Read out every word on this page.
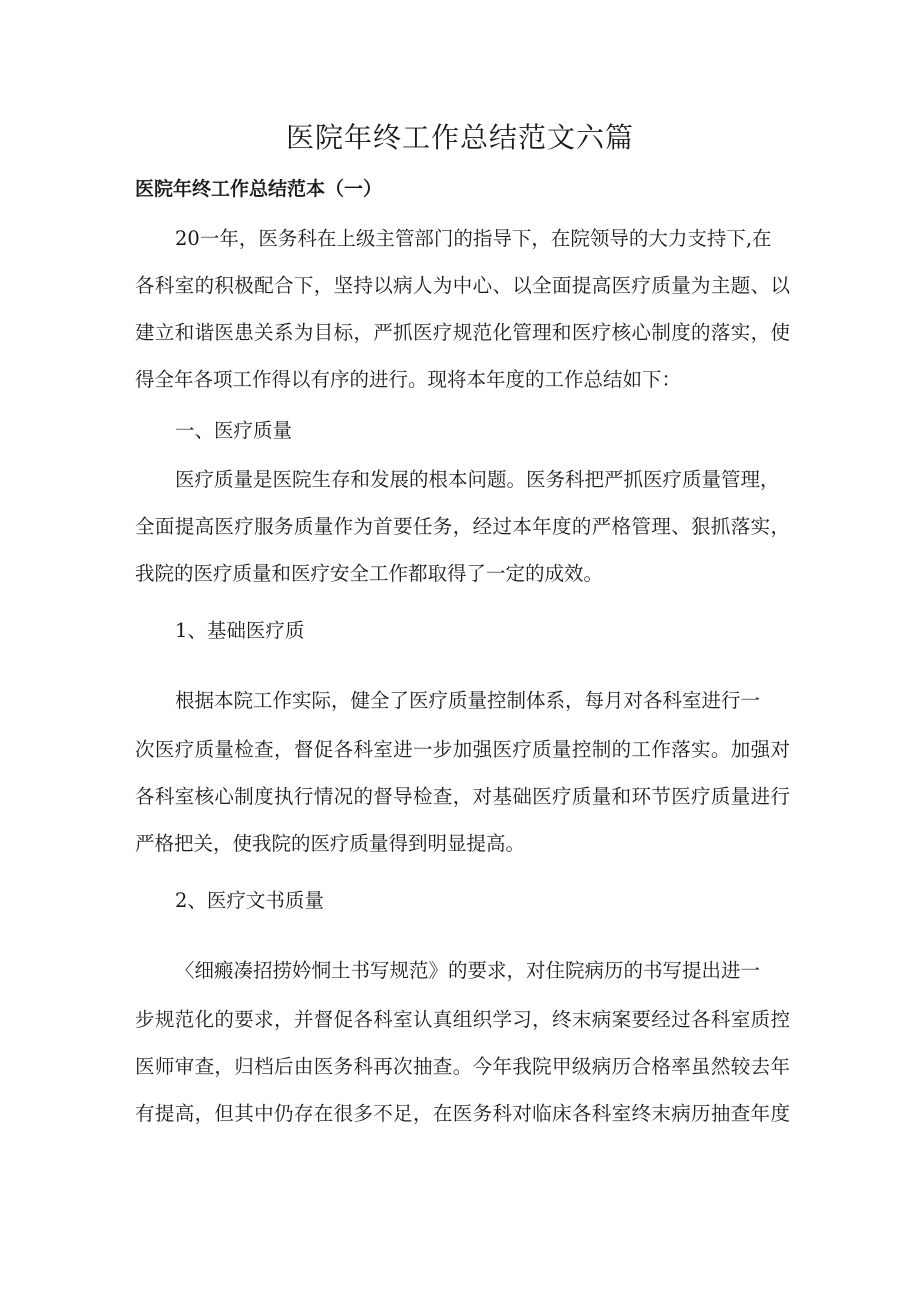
医院年终工作总结范文六篇
医院年终工作总结范本（一）
20一年，医务科在上级主管部门的指导下，在院领导的大力支持下,在
各科室的积极配合下，坚持以病人为中心、以全面提高医疗质量为主题、以
建立和谐医患关系为目标，严抓医疗规范化管理和医疗核心制度的落实，使
得全年各项工作得以有序的进行。现将本年度的工作总结如下：
一、医疗质量
医疗质量是医院生存和发展的根本问题。医务科把严抓医疗质量管理，
全面提高医疗服务质量作为首要任务，经过本年度的严格管理、狠抓落实，
我院的医疗质量和医疗安全工作都取得了一定的成效。
1、基础医疗质
根据本院工作实际，健全了医疗质量控制体系，每月对各科室进行一
次医疗质量检查，督促各科室进一步加强医疗质量控制的工作落实。加强对
各科室核心制度执行情况的督导检查，对基础医疗质量和环节医疗质量进行
严格把关，使我院的医疗质量得到明显提高。
2、医疗文书质量
〈细瘢凑招捞妗恫土书写规范》的要求，对住院病历的书写提出进一
步规范化的要求，并督促各科室认真组织学习，终末病案要经过各科室质控
医师审查，归档后由医务科再次抽查。今年我院甲级病历合格率虽然较去年
有提高，但其中仍存在很多不足，在医务科对临床各科室终末病历抽查年度
